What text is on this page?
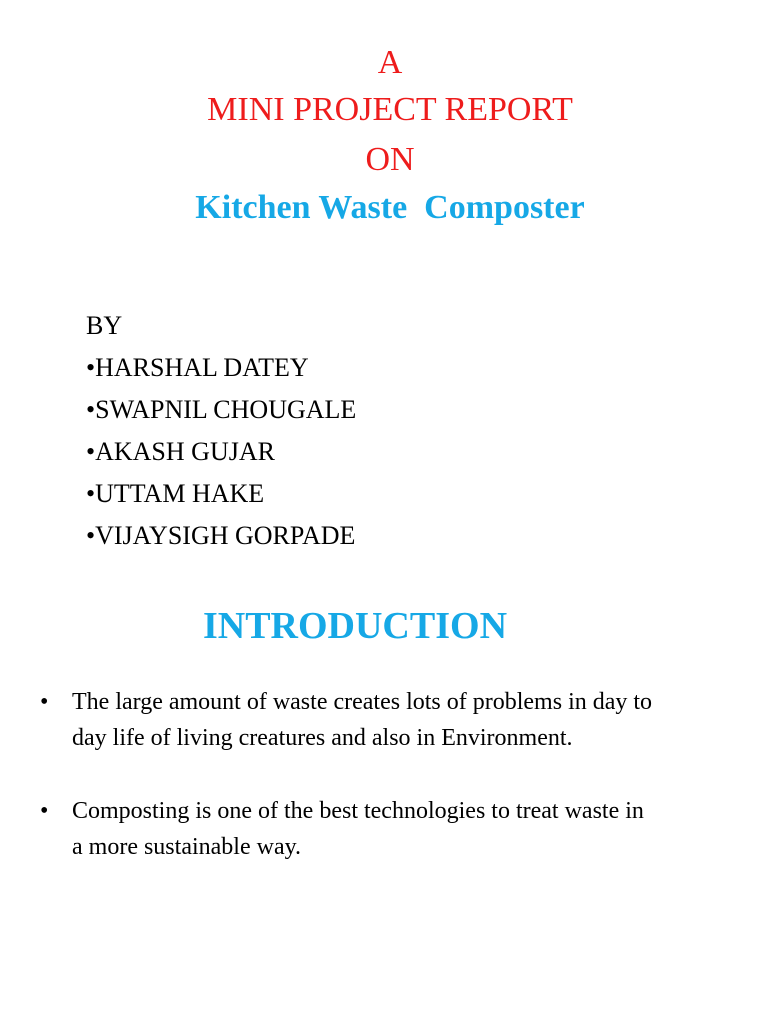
A
MINI PROJECT REPORT
ON
Kitchen Waste  Composter
BY
•HARSHAL DATEY
•SWAPNIL CHOUGALE
•AKASH GUJAR
•UTTAM HAKE
•VIJAYSIGH GORPADE
INTRODUCTION
• The large amount of waste creates lots of problems in day to day life of living creatures and also in Environment.
• Composting is one of the best technologies to treat waste in a more sustainable way.
